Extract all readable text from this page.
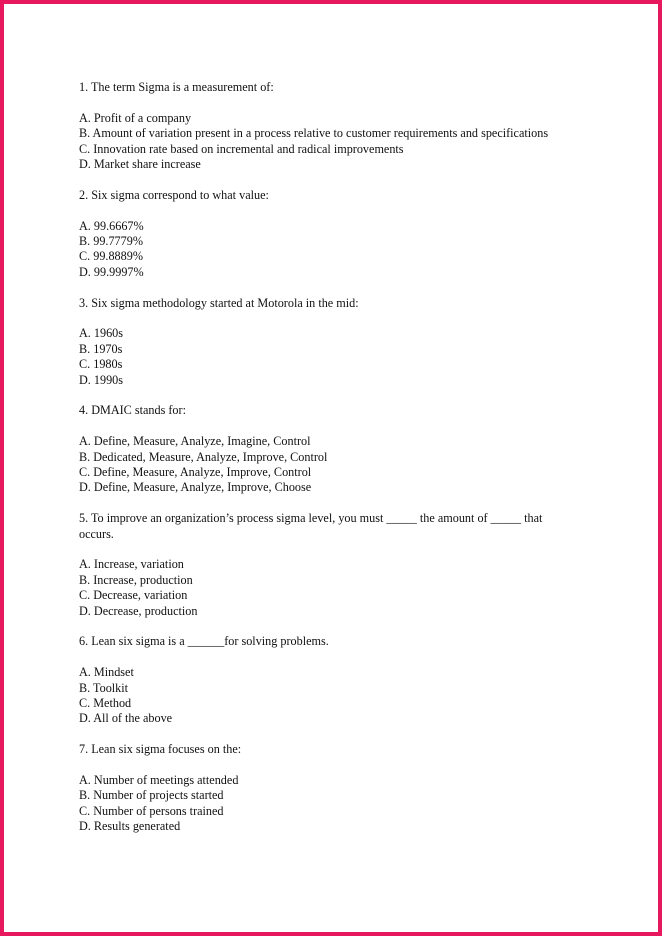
1. The term Sigma is a measurement of:
A. Profit of a company
B. Amount of variation present in a process relative to customer requirements and specifications
C. Innovation rate based on incremental and radical improvements
D. Market share increase
2. Six sigma correspond to what value:
A. 99.6667%
B. 99.7779%
C. 99.8889%
D. 99.9997%
3. Six sigma methodology started at Motorola in the mid:
A. 1960s
B. 1970s
C. 1980s
D. 1990s
4. DMAIC stands for:
A. Define, Measure, Analyze, Imagine, Control
B. Dedicated, Measure, Analyze, Improve, Control
C. Define, Measure, Analyze, Improve, Control
D. Define, Measure, Analyze, Improve, Choose
5. To improve an organization’s process sigma level, you must _____ the amount of _____ that occurs.
A. Increase, variation
B. Increase, production
C. Decrease, variation
D. Decrease, production
6. Lean six sigma is a ______for solving problems.
A. Mindset
B. Toolkit
C. Method
D. All of the above
7. Lean six sigma focuses on the:
A. Number of meetings attended
B. Number of projects started
C. Number of persons trained
D. Results generated
